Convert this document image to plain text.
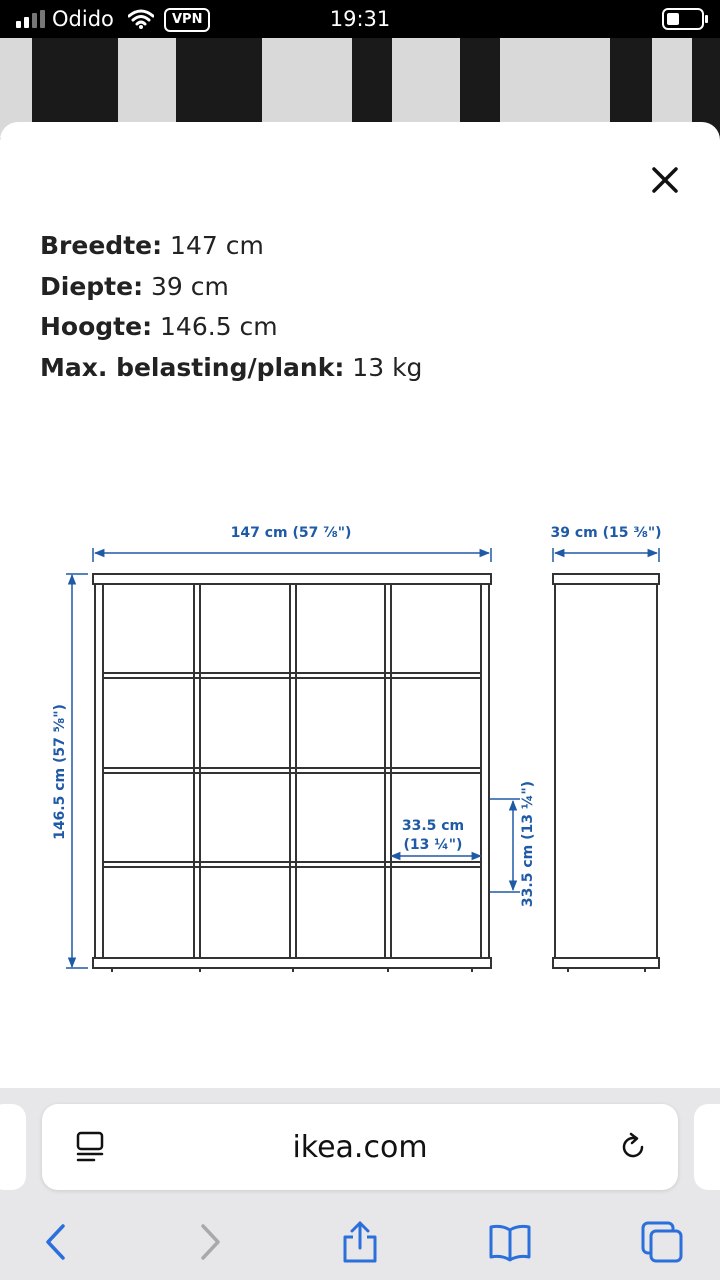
Odido	VPN	19:31
Breedte: 147 cm
Diepte: 39 cm
Hoogte: 146.5 cm
Max. belasting/plank: 13 kg
147 cm (57 ⅞")	39 cm (15 ⅜")
146.5 cm (57 ⅝")	33.5 cm
(13 ¼")	33.5 cm (13 ¼")
ikea.com
